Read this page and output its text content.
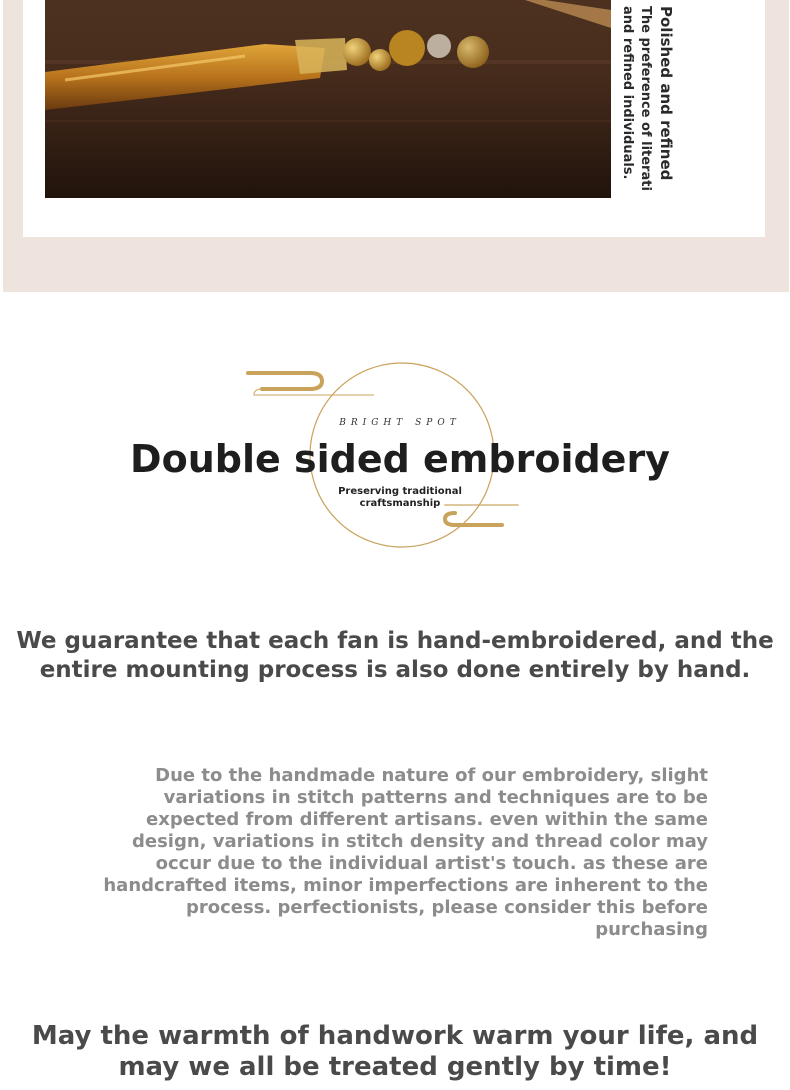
Polished and refined
The preference of literati
and refined individuals.
BRIGHT SPOT
Double sided embroidery
Preserving traditional craftsmanship

We guarantee that each fan is hand-embroidered, and the entire mounting process is also done entirely by hand.

Due to the handmade nature of our embroidery, slight variations in stitch patterns and techniques are to be expected from different artisans. even within the same design, variations in stitch density and thread color may occur due to the individual artist's touch. as these are handcrafted items, minor imperfections are inherent to the process. perfectionists, please consider this before purchasing

May the warmth of handwork warm your life, and may we all be treated gently by time!
